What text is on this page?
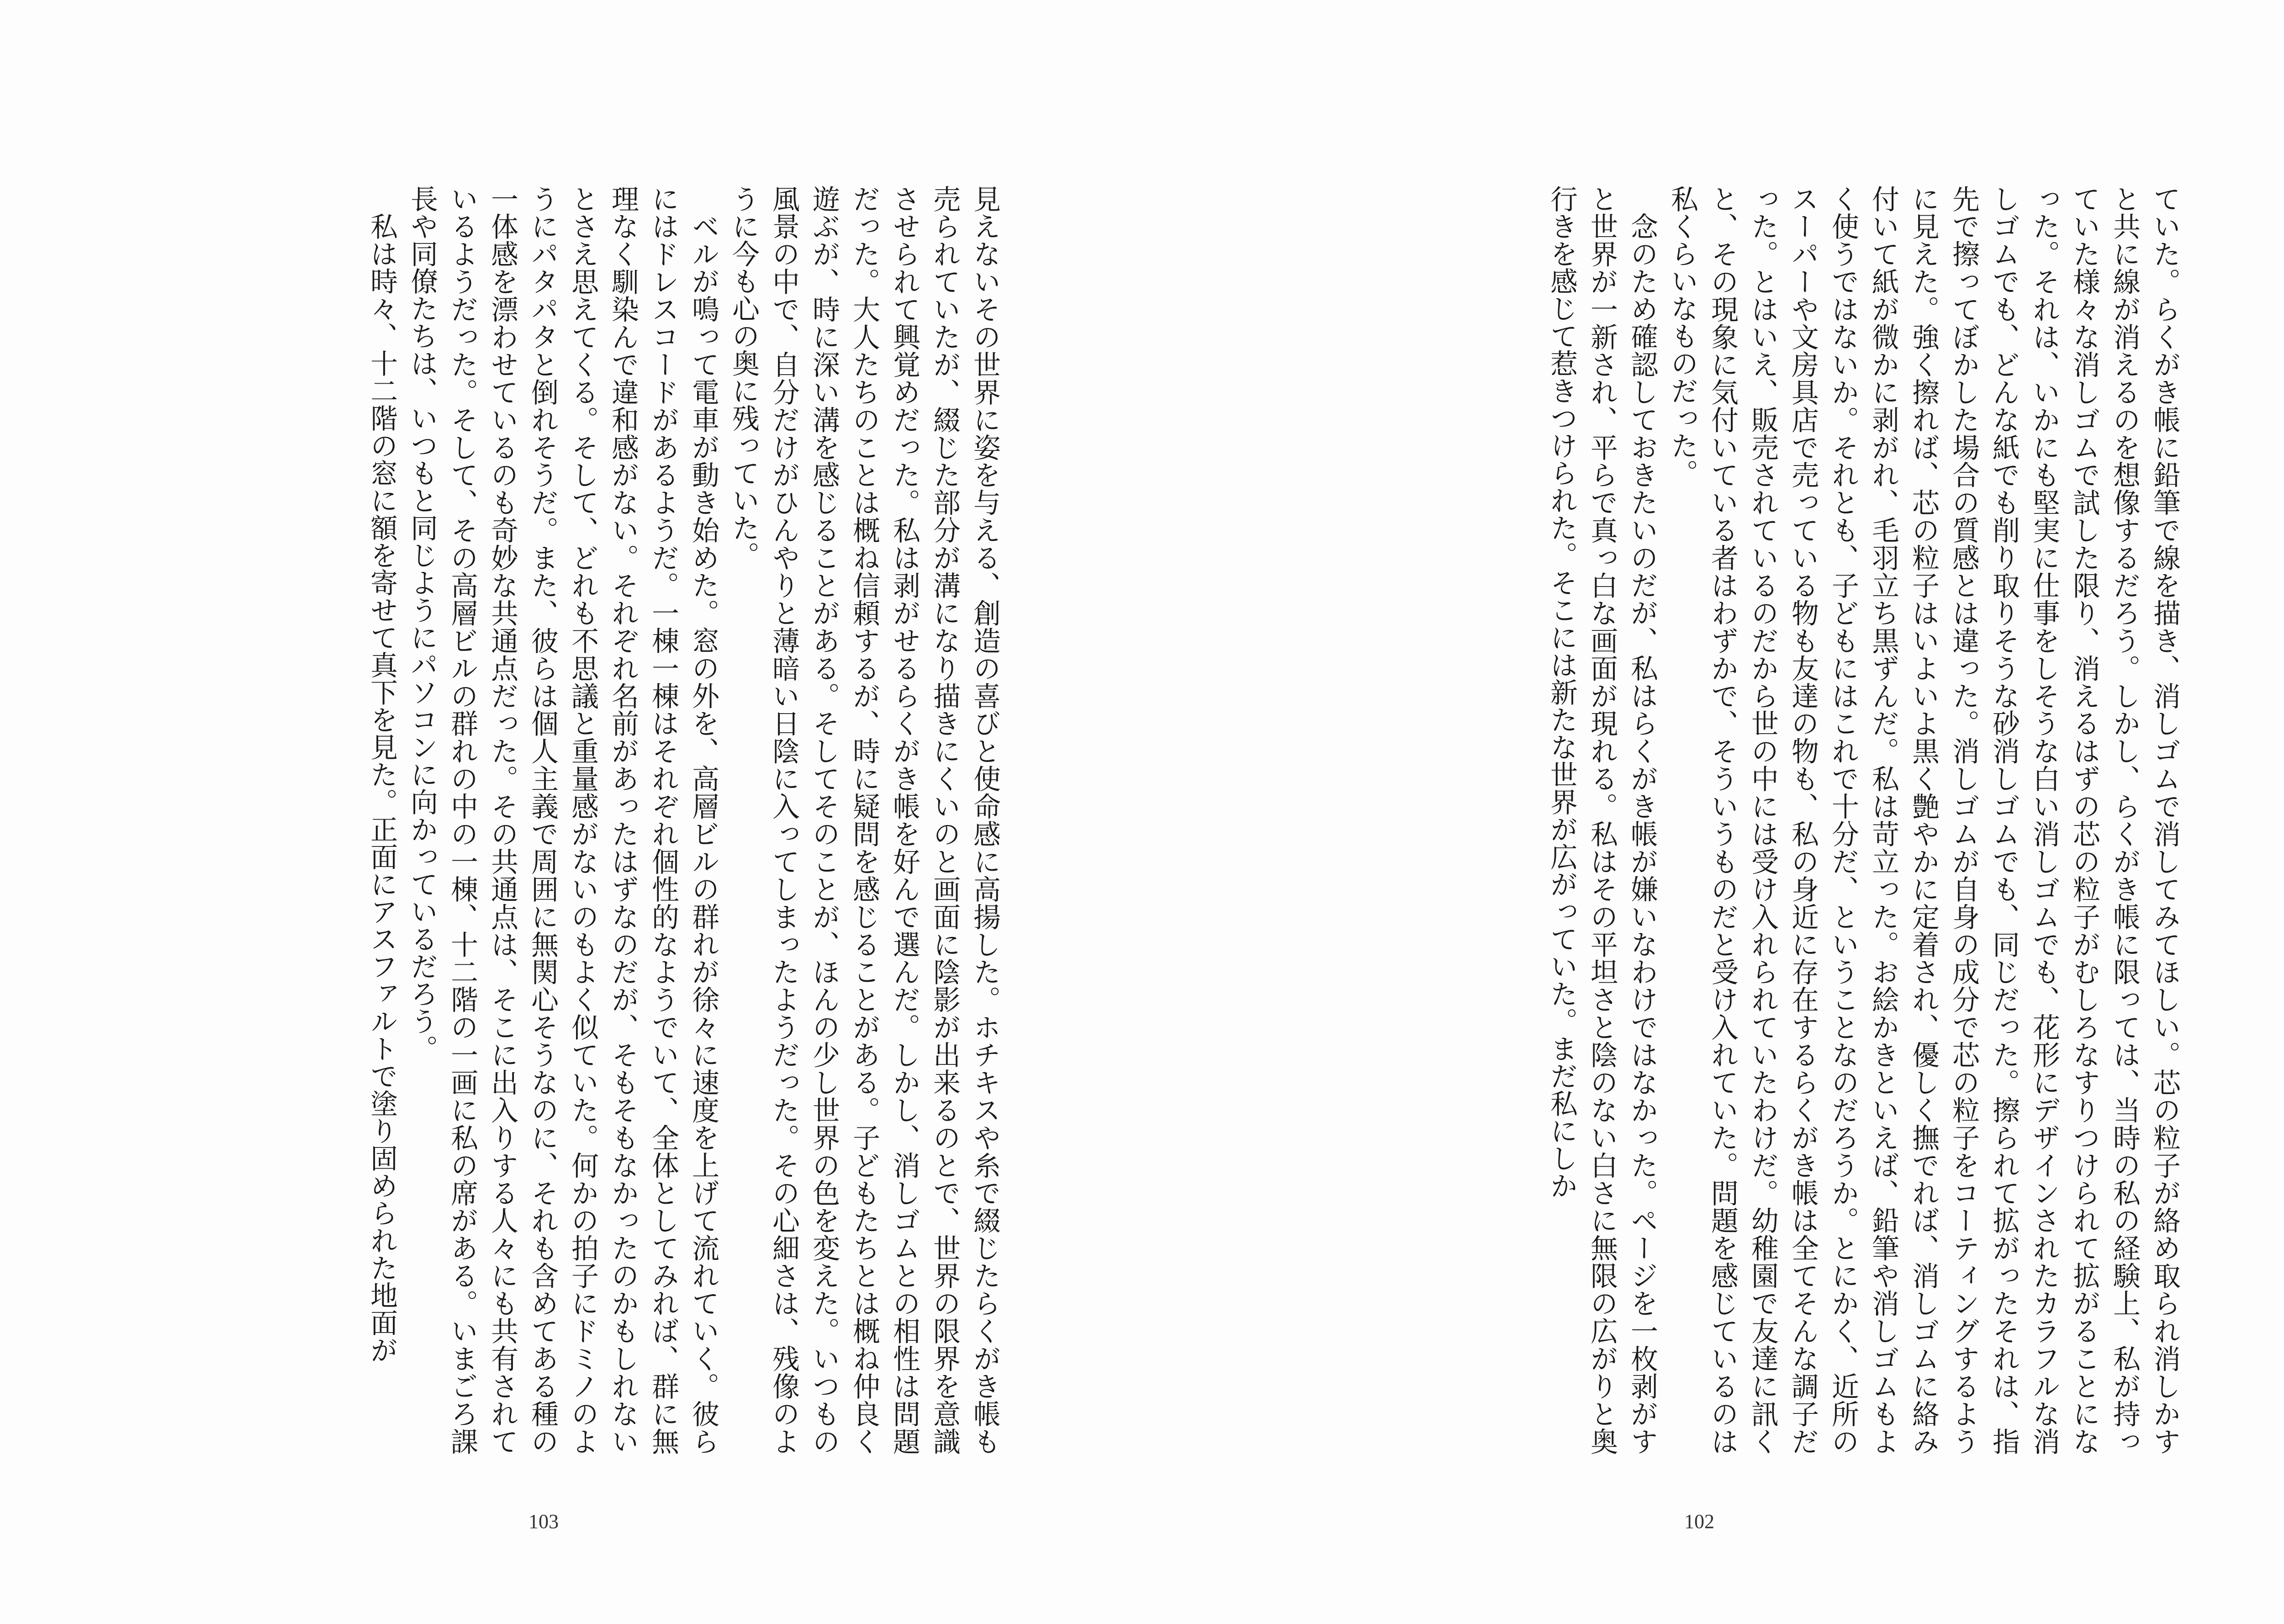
見えないその世界に姿を与える、創造の喜びと使命感に高揚した。ホチキスや糸で綴じたらくがき帳も売られていたが、綴じた部分が溝になり描きにくいのと画面に陰影が出来るのとで、世界の限界を意識させられて興覚めだった。私は剥がせるらくがき帳を好んで選んだ。しかし、消しゴムとの相性は問題だった。大人たちのことは概ね信頼するが、時に疑問を感じることがある。子どもたちとは概ね仲良く遊ぶが、時に深い溝を感じることがある。そしてそのことが、ほんの少し世界の色を変えた。いつもの風景の中で、自分だけがひんやりと薄暗い日陰に入ってしまったようだった。その心細さは、残像のように今も心の奥に残っていた。

ベルが鳴って電車が動き始めた。窓の外を、高層ビルの群れが徐々に速度を上げて流れていく。彼らにはドレスコードがあるようだ。一棟一棟はそれぞれ個性的なようでいて、全体としてみれば、群に無理なく馴染んで違和感がない。それぞれ名前があったはずなのだが、そもそもなかったのかもしれないとさえ思えてくる。そして、どれも不思議と重量感がないのもよく似ていた。何かの拍子にドミノのようにパタパタと倒れそうだ。また、彼らは個人主義で周囲に無関心そうなのに、それも含めてある種の一体感を漂わせているのも奇妙な共通点だった。その共通点は、そこに出入りする人々にも共有されているようだった。そして、その高層ビルの群れの中の一棟、十二階の一画に私の席がある。いまごろ課長や同僚たちは、いつもと同じようにパソコンに向かっているだろう。

私は時々、十二階の窓に額を寄せて真下を見た。正面にアスファルトで塗り固められた地面が

103

ていた。らくがき帳に鉛筆で線を描き、消しゴムで消してみてほしい。芯の粒子が絡め取られ消しかすと共に線が消えるのを想像するだろう。しかし、らくがき帳に限っては、当時の私の経験上、私が持っていた様々な消しゴムで試した限り、消えるはずの芯の粒子がむしろなすりつけられて拡がることになった。それは、いかにも堅実に仕事をしそうな白い消しゴムでも、花形にデザインされたカラフルな消しゴムでも、どんな紙でも削り取りそうな砂消しゴムでも、同じだった。擦られて拡がったそれは、指先で擦ってぼかした場合の質感とは違った。消しゴムが自身の成分で芯の粒子をコーティングするように見えた。強く擦れば、芯の粒子はいよいよ黒く艶やかに定着され、優しく撫でれば、消しゴムに絡み付いて紙が微かに剥がれ、毛羽立ち黒ずんだ。私は苛立った。お絵かきといえば、鉛筆や消しゴムもよく使うではないか。それとも、子どもにはこれで十分だ、ということなのだろうか。とにかく、近所のスーパーや文房具店で売っている物も友達の物も、私の身近に存在するらくがき帳は全てそんな調子だった。とはいえ、販売されているのだから世の中には受け入れられていたわけだ。幼稚園で友達に訊くと、その現象に気付いている者はわずかで、そういうものだと受け入れていた。問題を感じているのは私くらいなものだった。

念のため確認しておきたいのだが、私はらくがき帳が嫌いなわけではなかった。ページを一枚剥がすと世界が一新され、平らで真っ白な画面が現れる。私はその平坦さと陰のない白さに無限の広がりと奥行きを感じて惹きつけられた。そこには新たな世界が広がっていた。まだ私にしか

102
